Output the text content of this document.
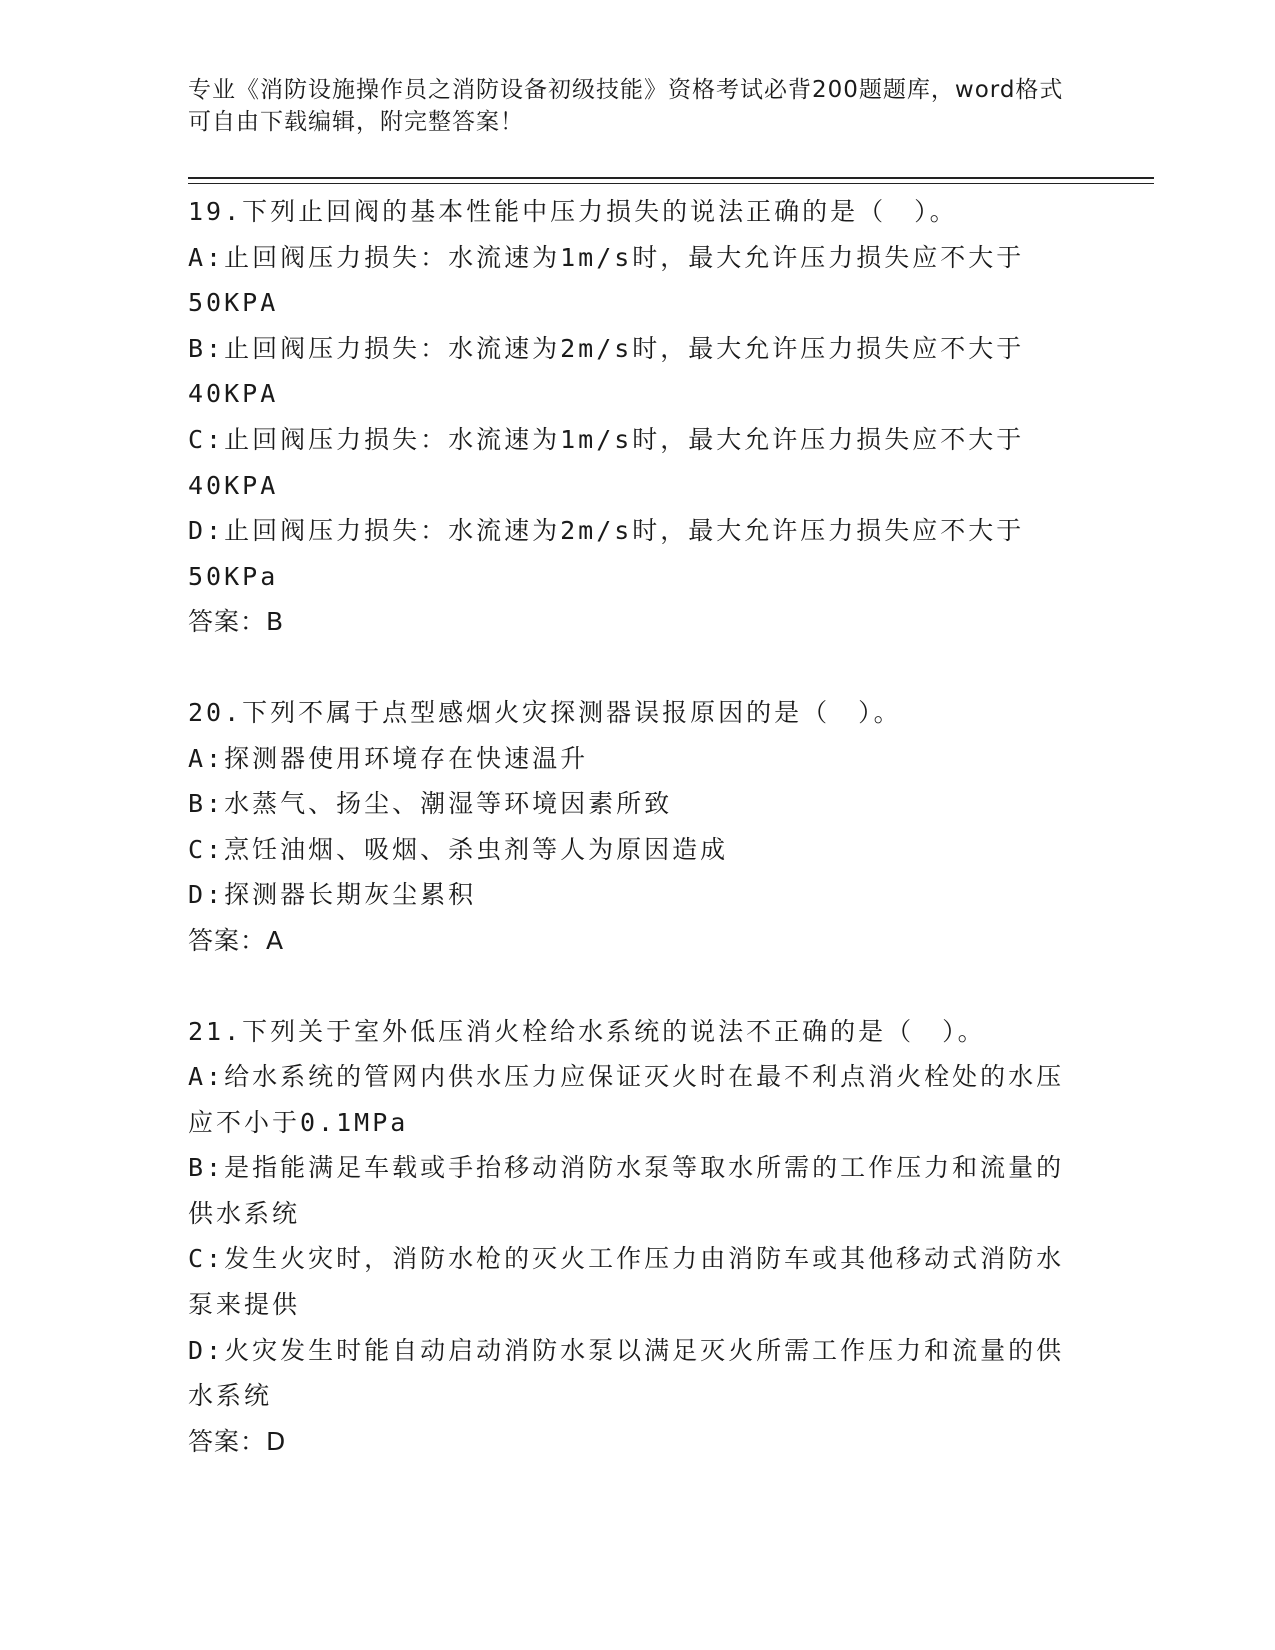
专业《消防设施操作员之消防设备初级技能》资格考试必背200题题库，word格式可自由下载编辑，附完整答案！

19.下列止回阀的基本性能中压力损失的说法正确的是（　）。

A:止回阀压力损失：水流速为1m/s时，最大允许压力损失应不大于50KPA

B:止回阀压力损失：水流速为2m/s时，最大允许压力损失应不大于40KPA

C:止回阀压力损失：水流速为1m/s时，最大允许压力损失应不大于40KPA

D:止回阀压力损失：水流速为2m/s时，最大允许压力损失应不大于50KPa

答案：B

20.下列不属于点型感烟火灾探测器误报原因的是（　）。

A:探测器使用环境存在快速温升

B:水蒸气、扬尘、潮湿等环境因素所致

C:烹饪油烟、吸烟、杀虫剂等人为原因造成

D:探测器长期灰尘累积

答案：A

21.下列关于室外低压消火栓给水系统的说法不正确的是（　）。

A:给水系统的管网内供水压力应保证灭火时在最不利点消火栓处的水压应不小于0.1MPa

B:是指能满足车载或手抬移动消防水泵等取水所需的工作压力和流量的供水系统

C:发生火灾时，消防水枪的灭火工作压力由消防车或其他移动式消防水泵来提供

D:火灾发生时能自动启动消防水泵以满足灭火所需工作压力和流量的供水系统

答案：D
